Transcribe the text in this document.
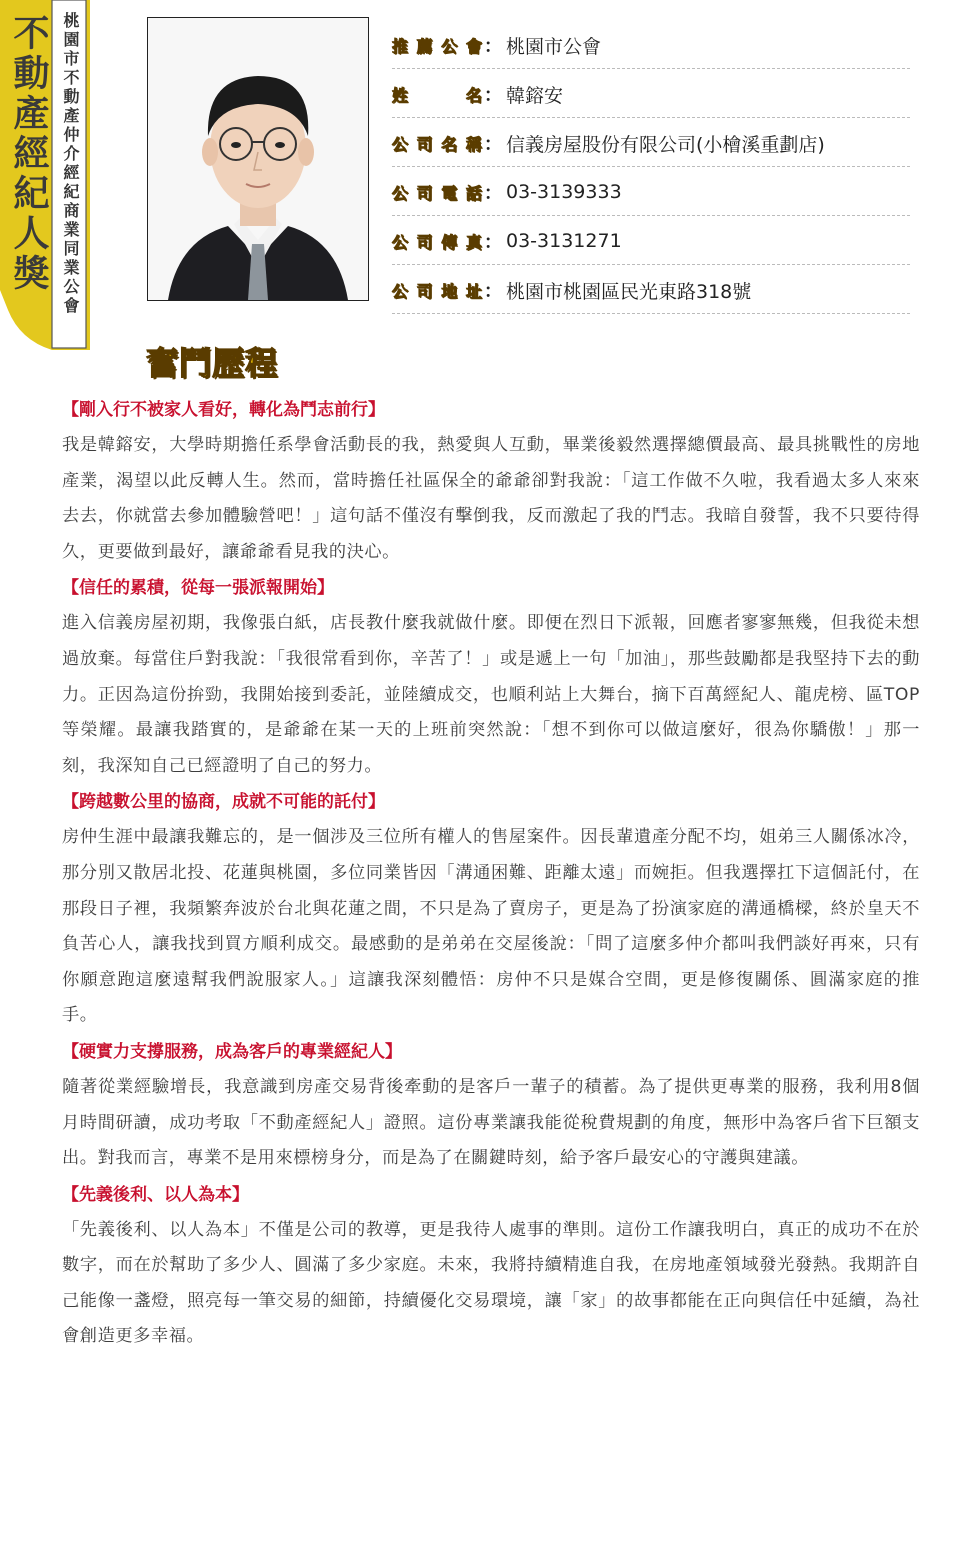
不動產經紀人獎 桃園市不動產仲介經紀商業同業公會	推薦公會 ： 桃園市公會
姓　　名 ： 韓鎔安
公司名稱 ： 信義房屋股份有限公司(小檜溪重劃店)
公司電話 ： 03-3139333
公司傳真 ： 03-3131271
公司地址 ： 桃園市桃園區民光東路318號
奮鬥歷程
【剛入行不被家人看好，轉化為鬥志前行】

我是韓鎔安，大學時期擔任系學會活動長的我，熱愛與人互動，畢業後毅然選擇總價最高、最具挑戰性的房地產業，渴望以此反轉人生。然而，當時擔任社區保全的爺爺卻對我說：「這工作做不久啦，我看過太多人來來去去，你就當去參加體驗營吧！」這句話不僅沒有擊倒我，反而激起了我的鬥志。我暗自發誓，我不只要待得久，更要做到最好，讓爺爺看見我的決心。

【信任的累積，從每一張派報開始】

進入信義房屋初期，我像張白紙，店長教什麼我就做什麼。即便在烈日下派報，回應者寥寥無幾，但我從未想過放棄。每當住戶對我說：「我很常看到你，辛苦了！」或是遞上一句「加油」，那些鼓勵都是我堅持下去的動力。正因為這份拚勁，我開始接到委託，並陸續成交，也順利站上大舞台，摘下百萬經紀人、龍虎榜、區TOP等榮耀。最讓我踏實的，是爺爺在某一天的上班前突然說：「想不到你可以做這麼好，很為你驕傲！」那一刻，我深知自己已經證明了自己的努力。

【跨越數公里的協商，成就不可能的託付】

房仲生涯中最讓我難忘的，是一個涉及三位所有權人的售屋案件。因長輩遺產分配不均，姐弟三人關係冰冷，那分別又散居北投、花蓮與桃園，多位同業皆因「溝通困難、距離太遠」而婉拒。但我選擇扛下這個託付，在那段日子裡，我頻繁奔波於台北與花蓮之間，不只是為了賣房子，更是為了扮演家庭的溝通橋樑，終於皇天不負苦心人，讓我找到買方順利成交。最感動的是弟弟在交屋後說：「問了這麼多仲介都叫我們談好再來，只有你願意跑這麼遠幫我們說服家人。」這讓我深刻體悟：房仲不只是媒合空間，更是修復關係、圓滿家庭的推手。

【硬實力支撐服務，成為客戶的專業經紀人】

隨著從業經驗增長，我意識到房產交易背後牽動的是客戶一輩子的積蓄。為了提供更專業的服務，我利用8個月時間研讀，成功考取「不動產經紀人」證照。這份專業讓我能從稅費規劃的角度，無形中為客戶省下巨額支出。對我而言，專業不是用來標榜身分，而是為了在關鍵時刻，給予客戶最安心的守護與建議。

【先義後利、以人為本】

「先義後利、以人為本」不僅是公司的教導，更是我待人處事的準則。這份工作讓我明白，真正的成功不在於數字，而在於幫助了多少人、圓滿了多少家庭。未來，我將持續精進自我，在房地產領域發光發熱。我期許自己能像一盞燈，照亮每一筆交易的細節，持續優化交易環境，讓「家」的故事都能在正向與信任中延續，為社會創造更多幸福。
